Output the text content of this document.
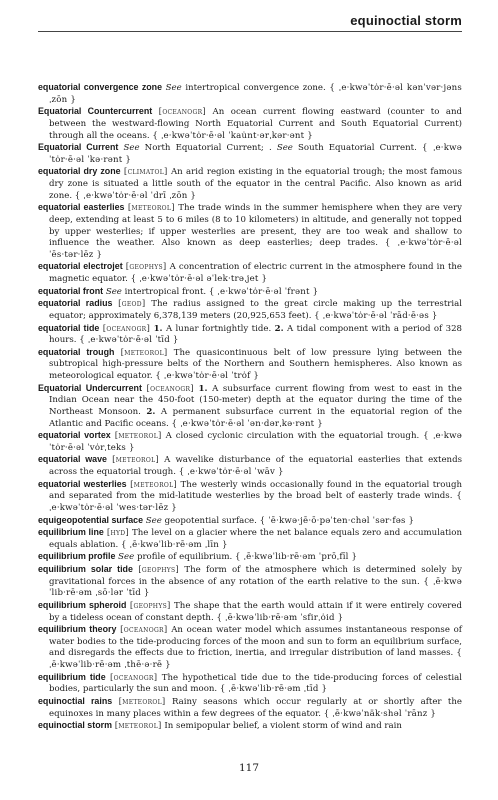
equinoctial storm

equatorial convergence zone See intertropical convergence zone. { ˌe·kwəˈtȯr·ē·əl kənˈvər·jəns ˌzōn }

Equatorial Countercurrent [oceanogr] An ocean current flowing eastward (counter to and between the westward-flowing North Equatorial Current and South Equatorial Current) through all the oceans. { ˌe·kwəˈtȯr·ē·əl ˈkau̇nt·ərˌkər·ənt }

Equatorial Current See North Equatorial Current; . See South Equatorial Current. { ˌe·kwəˈtȯr·ē·əl ˈkə·rənt }

equatorial dry zone [climatol] An arid region existing in the equatorial trough; the most famous dry zone is situated a little south of the equator in the central Pacific. Also known as arid zone. { ˌe·kwəˈtȯr·ē·əl ˈdrī ˌzōn }

equatorial easterlies [meteorol] The trade winds in the summer hemisphere when they are very deep, extending at least 5 to 6 miles (8 to 10 kilometers) in altitude, and generally not topped by upper westerlies; if upper westerlies are present, they are too weak and shallow to influence the weather. Also known as deep easterlies; deep trades. { ˌe·kwəˈtȯr·ē·əl ˈēs·tər·lēz }

equatorial electrojet [geophys] A concentration of electric current in the atmosphere found in the magnetic equator. { ˌe·kwəˈtȯr·ē·əl əˈlek·trəˌjet }

equatorial front See intertropical front. { ˌe·kwəˈtȯr·ē·əl ˈfrənt }

equatorial radius [geod] The radius assigned to the great circle making up the terrestrial equator; approximately 6,378,139 meters (20,925,653 feet). { ˌe·kwəˈtȯr·ē·əl ˈrād·ē·əs }

equatorial tide [oceanogr] 1. A lunar fortnightly tide. 2. A tidal component with a period of 328 hours. { ˌe·kwəˈtȯr·ē·əl ˈtīd }

equatorial trough [meteorol] The quasicontinuous belt of low pressure lying between the subtropical high-pressure belts of the Northern and Southern hemispheres. Also known as meteorological equator. { ˌe·kwəˈtȯr·ē·əl ˈtrȯf }

Equatorial Undercurrent [oceanogr] 1. A subsurface current flowing from west to east in the Indian Ocean near the 450-foot (150-meter) depth at the equator during the time of the Northeast Monsoon. 2. A permanent subsurface current in the equatorial region of the Atlantic and Pacific oceans. { ˌe·kwəˈtȯr·ē·əl ˈən·dərˌkə·rənt }

equatorial vortex [meteorol] A closed cyclonic circulation with the equatorial trough. { ˌe·kwəˈtȯr·ē·əl ˈvȯrˌteks }

equatorial wave [meteorol] A wavelike disturbance of the equatorial easterlies that extends across the equatorial trough. { ˌe·kwəˈtȯr·ē·əl ˈwāv }

equatorial westerlies [meteorol] The westerly winds occasionally found in the equatorial trough and separated from the mid-latitude westerlies by the broad belt of easterly trade winds. { ˌe·kwəˈtȯr·ē·əl ˈwes·tər·lēz }

equigeopotential surface See geopotential surface. { ˈē·kwə·jē·ō·pəˈten·chəl ˈsər·fəs }

equilibrium line [hyd] The level on a glacier where the net balance equals zero and accumulation equals ablation. { ˌē·kwəˈlib·rē·əm ˌlīn }

equilibrium profile See profile of equilibrium. { ˌē·kwəˈlib·rē·əm ˈprōˌfīl }

equilibrium solar tide [geophys] The form of the atmosphere which is determined solely by gravitational forces in the absence of any rotation of the earth relative to the sun. { ˌē·kwəˈlib·rē·əm ˌsō·lər ˈtīd }

equilibrium spheroid [geophys] The shape that the earth would attain if it were entirely covered by a tideless ocean of constant depth. { ˌē·kwəˈlib·rē·əm ˈsfirˌȯid }

equilibrium theory [oceanogr] An ocean water model which assumes instantaneous response of water bodies to the tide-producing forces of the moon and sun to form an equilibrium surface, and disregards the effects due to friction, inertia, and irregular distribution of land masses. { ˌē·kwəˈlib·rē·əm ˌthē·ə·rē }

equilibrium tide [oceanogr] The hypothetical tide due to the tide-producing forces of celestial bodies, particularly the sun and moon. { ˌē·kwəˈlib·rē·əm ˌtīd }

equinoctial rains [meteorol] Rainy seasons which occur regularly at or shortly after the equinoxes in many places within a few degrees of the equator. { ˌē·kwəˈnäk·shəl ˈrānz }

equinoctial storm [meteorol] In semipopular belief, a violent storm of wind and rain

117
